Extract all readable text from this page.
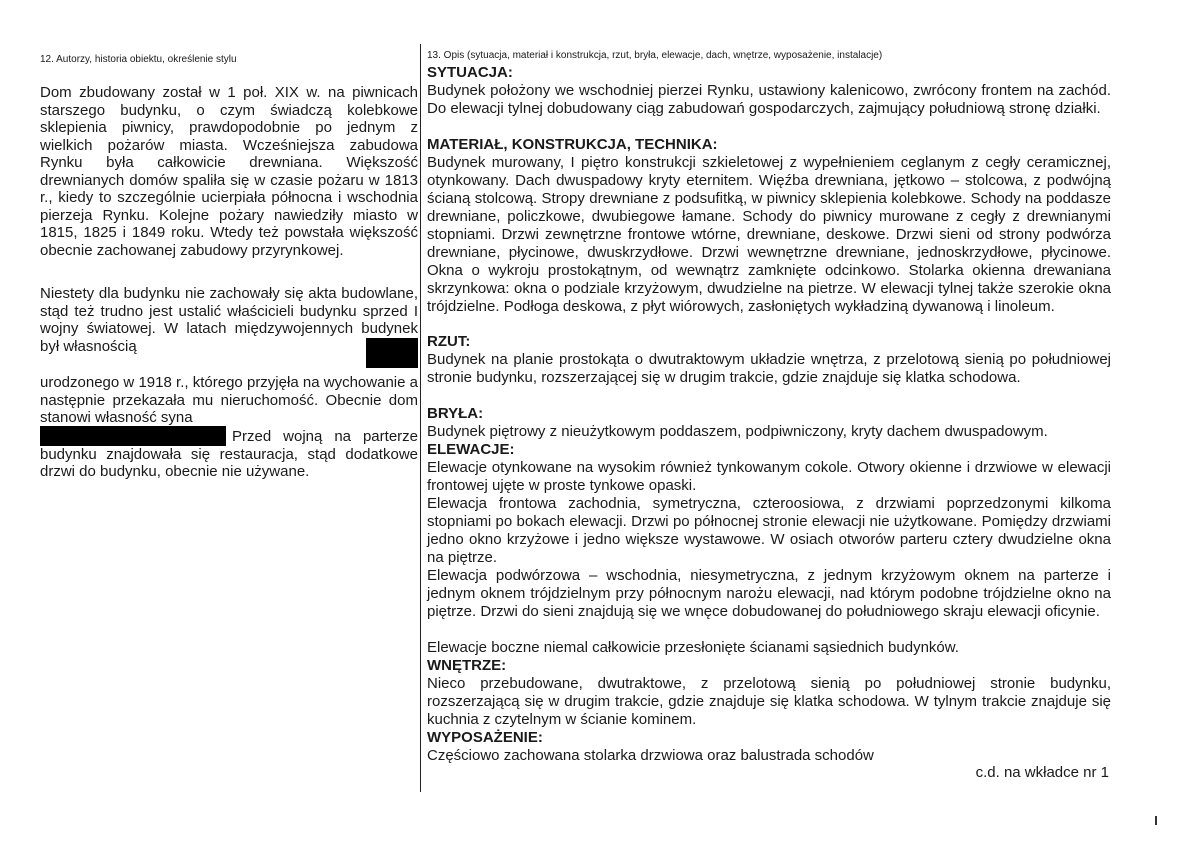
12. Autorzy, historia obiektu, określenie stylu	13. Opis (sytuacja, materiał i konstrukcja, rzut, bryła, elewacje, dach, wnętrze, wyposażenie, instalacje)

Dom zbudowany został w 1 poł. XIX w. na piwnicach starszego budynku, o czym świadczą kolebkowe sklepienia piwnicy, prawdopodobnie po jednym z wielkich pożarów miasta. Wcześniejsza zabudowa Rynku była całkowicie drewniana. Większość drewnianych domów spaliła się w czasie pożaru w 1813 r., kiedy to szczególnie ucierpiała północna i wschodnia pierzeja Rynku. Kolejne pożary nawiedziły miasto w 1815, 1825 i 1849 roku. Wtedy też powstała większość obecnie zachowanej zabudowy przyrynkowej.

Niestety dla budynku nie zachowały się akta budowlane, stąd też trudno jest ustalić właścicieli budynku sprzed I wojny światowej. W latach międzywojennych budynek był własnością

urodzonego w 1918 r., którego przyjęła na wychowanie a następnie przekazała mu nieruchomość. Obecnie dom stanowi własność syna

Przed wojną na parterze budynku znajdowała się restauracja, stąd dodatkowe drzwi do budynku, obecnie nie używane.

SYTUACJA:

Budynek położony we wschodniej pierzei Rynku, ustawiony kalenicowo, zwrócony frontem na zachód. Do elewacji tylnej dobudowany ciąg zabudowań gospodarczych, zajmujący południową stronę działki.

MATERIAŁ, KONSTRUKCJA, TECHNIKA:

Budynek murowany, I piętro konstrukcji szkieletowej z wypełnieniem ceglanym z cegły ceramicznej, otynkowany. Dach dwuspadowy kryty eternitem. Więźba drewniana, jętkowo – stolcowa, z podwójną ścianą stolcową. Stropy drewniane z podsufitką, w piwnicy sklepienia kolebkowe. Schody na poddasze drewniane, policzkowe, dwubiegowe łamane. Schody do piwnicy murowane z cegły z drewnianymi stopniami. Drzwi zewnętrzne frontowe wtórne, drewniane, deskowe. Drzwi sieni od strony podwórza drewniane, płycinowe, dwuskrzydłowe. Drzwi wewnętrzne drewniane, jednoskrzydłowe, płycinowe. Okna o wykroju prostokątnym, od wewnątrz zamknięte odcinkowo. Stolarka okienna drewaniana skrzynkowa: okna o podziale krzyżowym, dwudzielne na pietrze. W elewacji tylnej także szerokie okna trójdzielne. Podłoga deskowa, z płyt wiórowych, zasłoniętych wykładziną dywanową i linoleum.

RZUT:

Budynek na planie prostokąta o dwutraktowym układzie wnętrza, z przelotową sienią po południowej stronie budynku, rozszerzającej się w drugim trakcie, gdzie znajduje się klatka schodowa.

BRYŁA:

Budynek piętrowy z nieużytkowym poddaszem, podpiwniczony, kryty dachem dwuspadowym.

ELEWACJE:

Elewacje otynkowane na wysokim również tynkowanym cokole. Otwory okienne i drzwiowe w elewacji frontowej ujęte w proste tynkowe opaski.

Elewacja frontowa zachodnia, symetryczna, czteroosiowa, z drzwiami poprzedzonymi kilkoma stopniami po bokach elewacji. Drzwi po północnej stronie elewacji nie użytkowane. Pomiędzy drzwiami jedno okno krzyżowe i jedno większe wystawowe. W osiach otworów parteru cztery dwudzielne okna na piętrze.

Elewacja podwórzowa – wschodnia, niesymetryczna, z jednym krzyżowym oknem na parterze i jednym oknem trójdzielnym przy północnym narożu elewacji, nad którym podobne trójdzielne okno na piętrze. Drzwi do sieni znajdują się we wnęce dobudowanej do południowego skraju elewacji oficynie.

Elewacje boczne niemal całkowicie przesłonięte ścianami sąsiednich budynków.

WNĘTRZE:

Nieco przebudowane, dwutraktowe, z przelotową sienią po południowej stronie budynku, rozszerzającą się w drugim trakcie, gdzie znajduje się klatka schodowa. W tylnym trakcie znajduje się kuchnia z czytelnym w ścianie kominem.

WYPOSAŻENIE:

Częściowo zachowana stolarka drzwiowa oraz balustrada schodów

c.d. na wkładce nr 1
